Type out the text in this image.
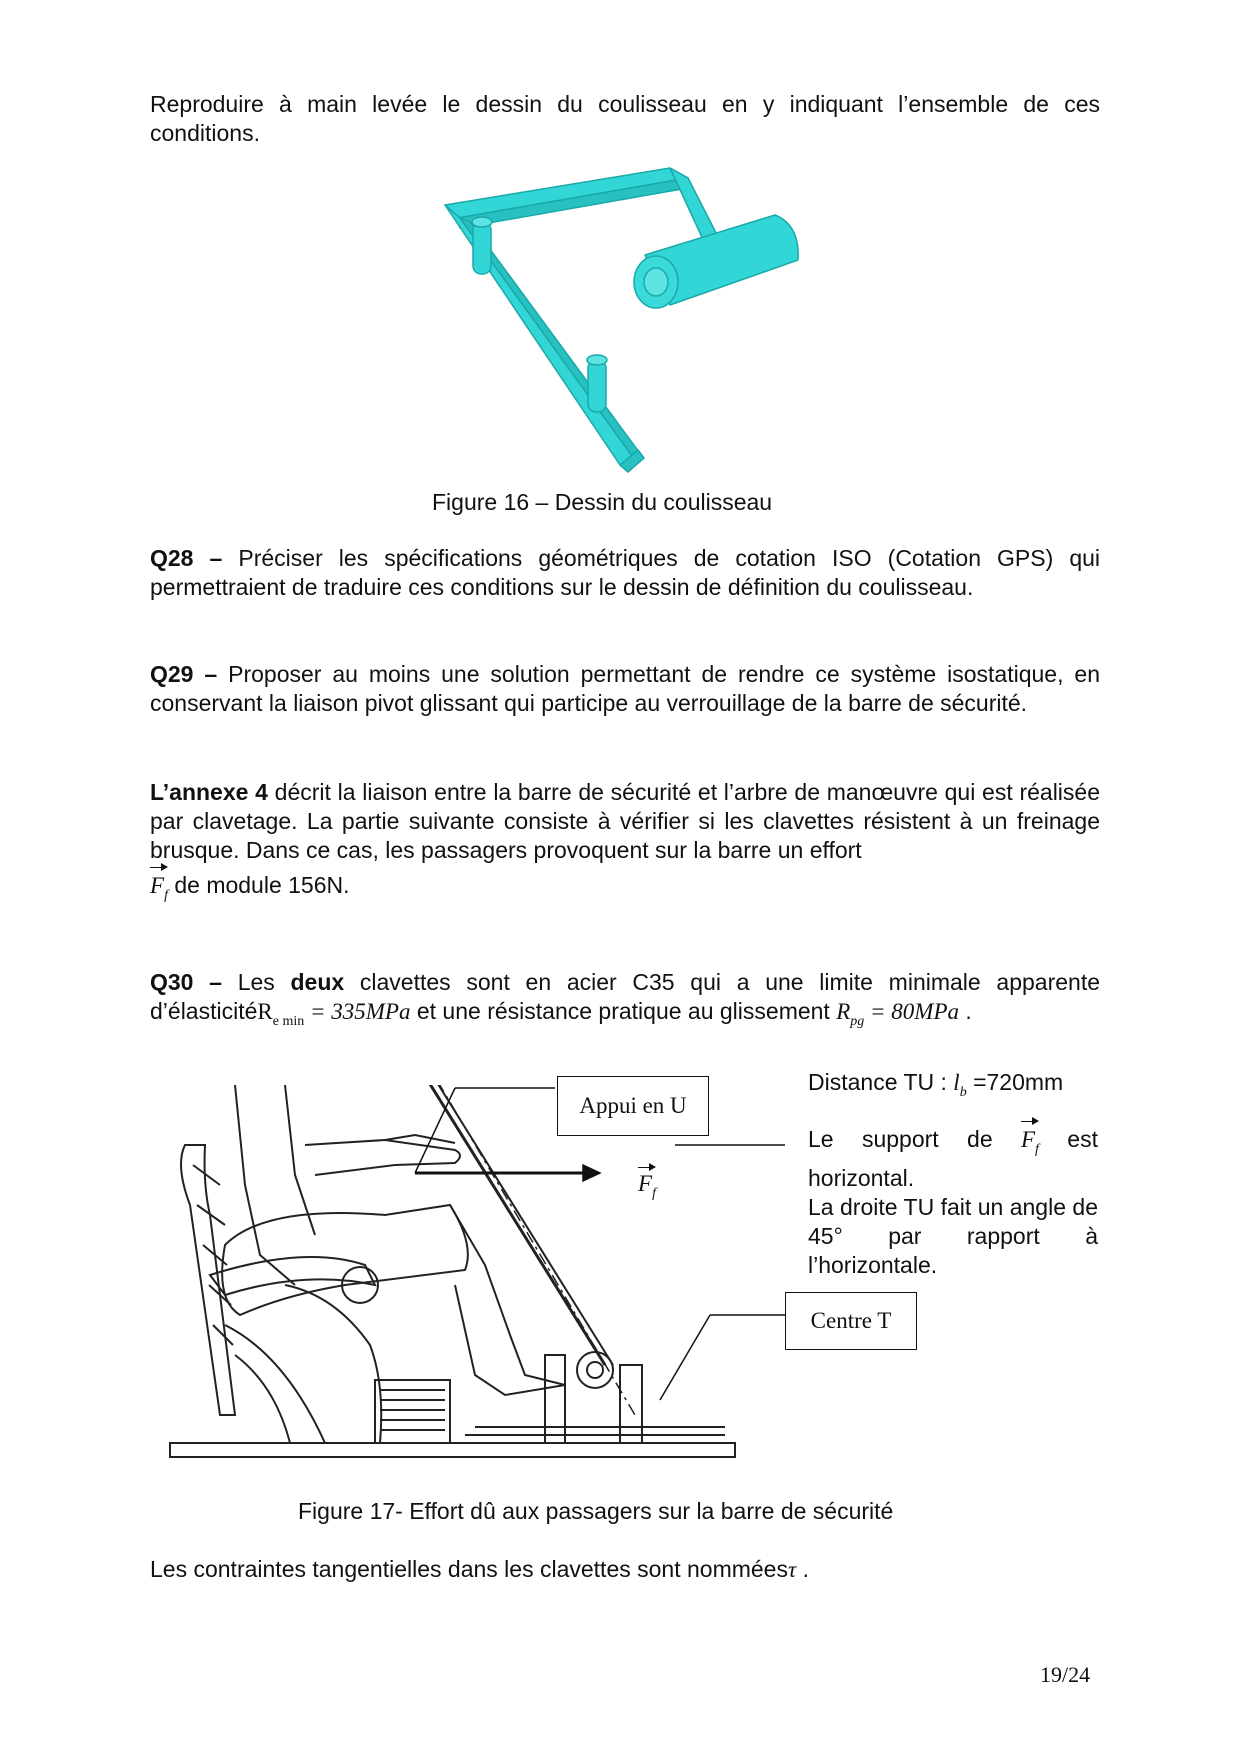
Reproduire à main levée le dessin du coulisseau en y indiquant l’ensemble de ces conditions.

Figure 16 – Dessin du coulisseau

Q28 – Préciser les spécifications géométriques de cotation ISO (Cotation GPS) qui permettraient de traduire ces conditions sur le dessin de définition du coulisseau.

Q29 – Proposer au moins une solution permettant de rendre ce système isostatique, en conservant la liaison pivot glissant qui participe au verrouillage de la barre de sécurité.

L’annexe 4 décrit la liaison entre la barre de sécurité et l’arbre de manœuvre qui est réalisée par clavetage. La partie suivante consiste à vérifier si les clavettes résistent à un freinage brusque. Dans ce cas, les passagers provoquent sur la barre un effort
$F_f$ de module 156N.

Q30 – Les deux clavettes sont en acier C35 qui a une limite minimale apparente d’élasticitéR$_{e min}$ = 335MPa et une résistance pratique au glissement $R_{pg} = 80MPa$ .

Appui en U
$F_f$
Centre T

Distance TU : $l_b =720mm$

Le support de $F_f$ est horizontal.

La droite TU fait un angle de 45° par rapport à l’horizontale.

Figure 17- Effort dû aux passagers sur la barre de sécurité

Les contraintes tangentielles dans les clavettes sont nomméesτ .

19/24
